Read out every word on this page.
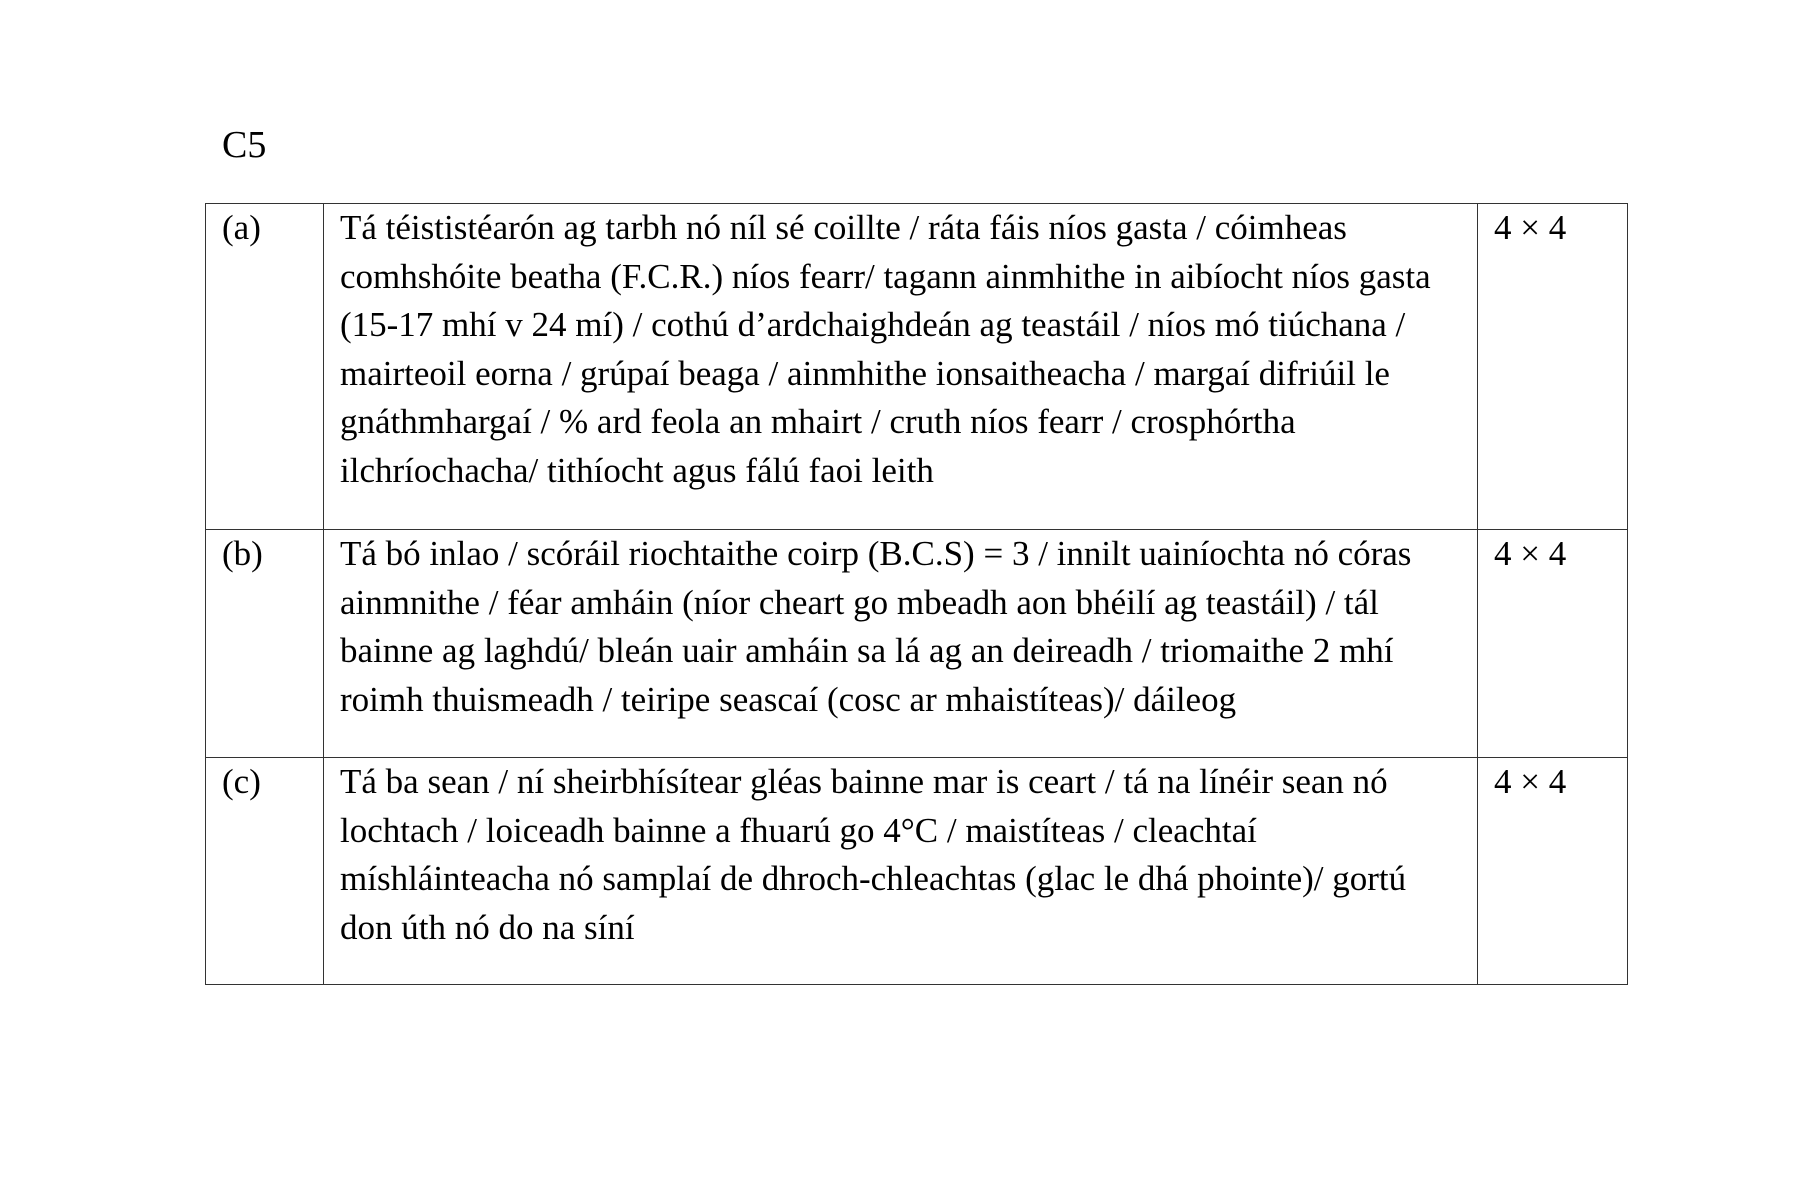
C5
(a)	Tá téististéarón ag tarbh nó níl sé coillte / ráta fáis níos gasta / cóimheas comhshóite beatha (F.C.R.) níos fearr/ tagann ainmhithe in aibíocht níos gasta (15-17 mhí v 24 mí) / cothú d’ardchaighdeán ag teastáil / níos mó tiúchana / mairteoil eorna / grúpaí beaga / ainmhithe ionsaitheacha / margaí difriúil le gnáthmhargaí / % ard feola an mhairt / cruth níos fearr / crosphórtha ilchríochacha/ tithíocht agus fálú faoi leith	4 × 4
(b)	Tá bó inlao / scóráil riochtaithe coirp (B.C.S) = 3 / innilt uainíochta nó córas ainmnithe / féar amháin (níor cheart go mbeadh aon bhéilí ag teastáil) / tál bainne ag laghdú/ bleán uair amháin sa lá ag an deireadh / triomaithe 2 mhí roimh thuismeadh / teiripe seascaí (cosc ar mhaistíteas)/ dáileog	4 × 4
(c)	Tá ba sean / ní sheirbhísítear gléas bainne mar is ceart / tá na línéir sean nó lochtach / loiceadh bainne a fhuarú go 4°C / maistíteas / cleachtaí míshláinteacha nó samplaí de dhroch-chleachtas (glac le dhá phointe)/ gortú don úth nó do na síní	4 × 4
